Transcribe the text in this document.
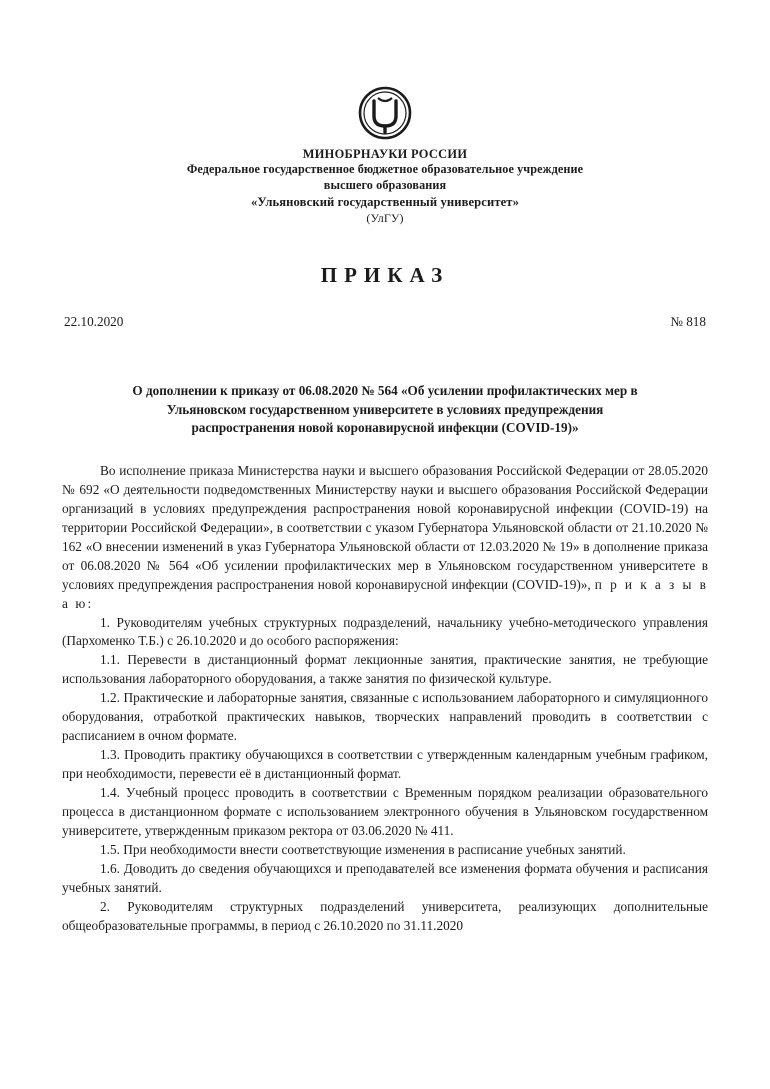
МИНОБРНАУКИ РОССИИ
Федеральное государственное бюджетное образовательное учреждение
высшего образования
«Ульяновский государственный университет»
(УлГУ)
ПРИКАЗ
22.10.2020	№ 818
О дополнении к приказу от 06.08.2020 № 564 «Об усилении профилактических мер в
Ульяновском государственном университете в условиях предупреждения
распространения новой коронавирусной инфекции (COVID-19)»

Во исполнение приказа Министерства науки и высшего образования Российской Федерации от 28.05.2020 № 692 «О деятельности подведомственных Министерству науки и высшего образования Российской Федерации организаций в условиях предупреждения распространения новой коронавирусной инфекции (COVID-19) на территории Российской Федерации», в соответствии с указом Губернатора Ульяновской области от 21.10.2020 № 162 «О внесении изменений в указ Губернатора Ульяновской области от 12.03.2020 № 19» в дополнение приказа от 06.08.2020 № 564 «Об усилении профилактических мер в Ульяновском государственном университете в условиях предупреждения распространения новой коронавирусной инфекции (COVID-19)», п р и к а з ы в а ю:

1. Руководителям учебных структурных подразделений, начальнику учебно-методического управления (Пархоменко Т.Б.) с 26.10.2020 и до особого распоряжения:

1.1. Перевести в дистанционный формат лекционные занятия, практические занятия, не требующие использования лабораторного оборудования, а также занятия по физической культуре.

1.2. Практические и лабораторные занятия, связанные с использованием лабораторного и симуляционного оборудования, отработкой практических навыков, творческих направлений проводить в соответствии с расписанием в очном формате.

1.3. Проводить практику обучающихся в соответствии с утвержденным календарным учебным графиком, при необходимости, перевести её в дистанционный формат.

1.4. Учебный процесс проводить в соответствии с Временным порядком реализации образовательного процесса в дистанционном формате с использованием электронного обучения в Ульяновском государственном университете, утвержденным приказом ректора от 03.06.2020 № 411.

1.5. При необходимости внести соответствующие изменения в расписание учебных занятий.

1.6. Доводить до сведения обучающихся и преподавателей все изменения формата обучения и расписания учебных занятий.

2. Руководителям структурных подразделений университета, реализующих дополнительные общеобразовательные программы, в период с 26.10.2020 по 31.11.2020
